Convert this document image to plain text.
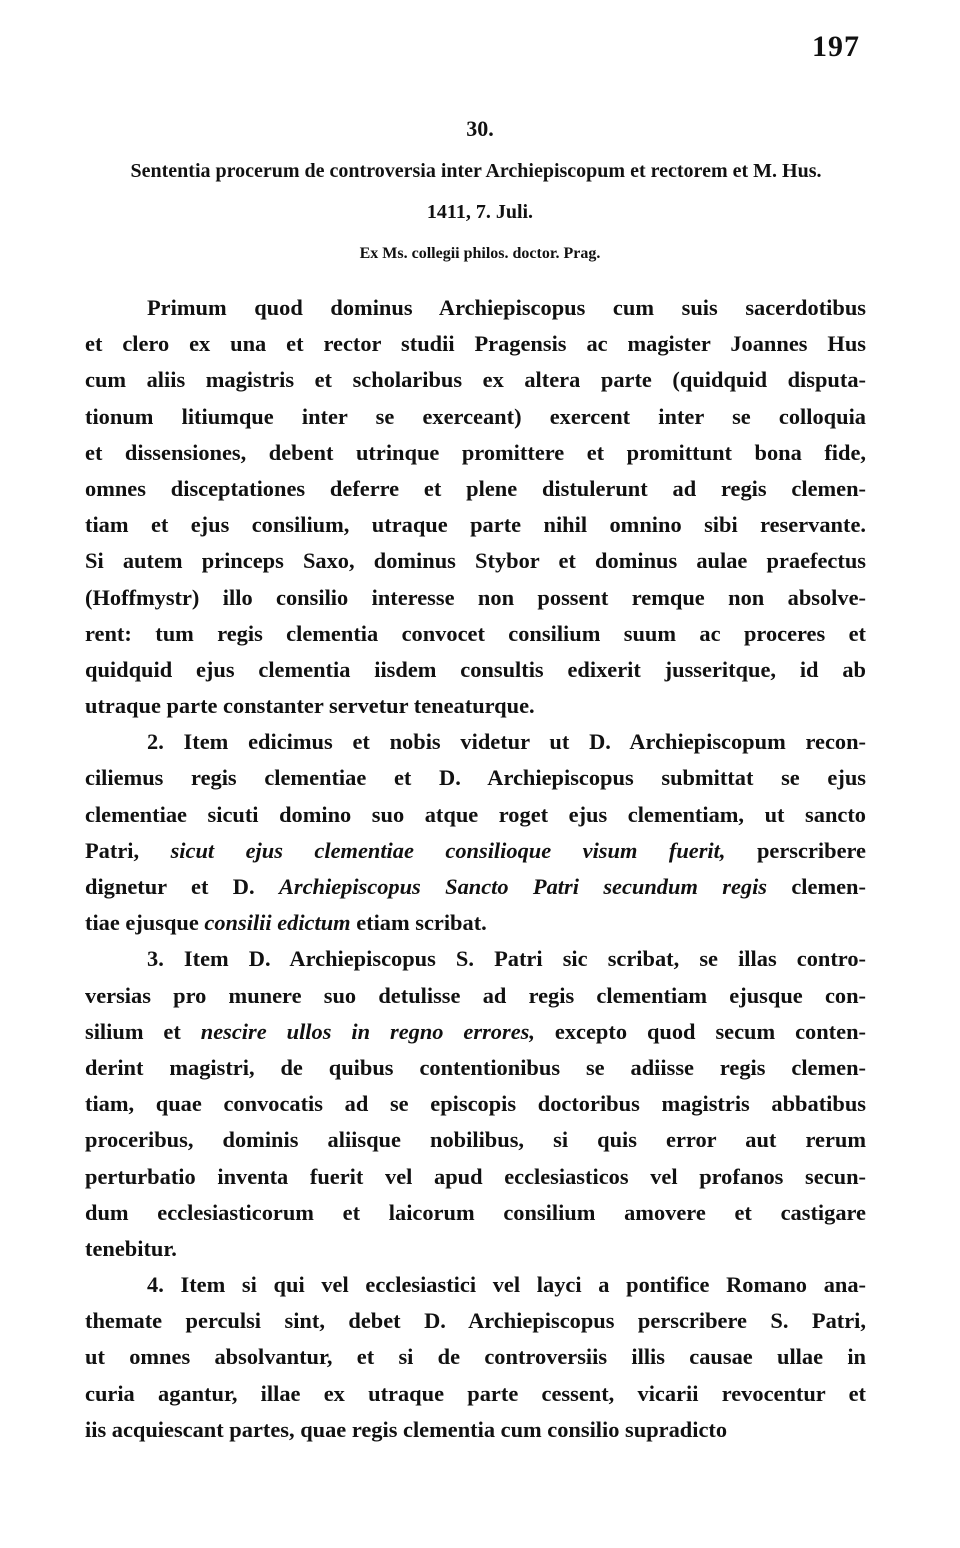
197
30.
Sententia procerum de controversia inter Archiepiscopum et rectorem et M. Hus.
1411, 7. Juli.
Ex Ms. collegii philos. doctor. Prag.
Primum quod dominus Archiepiscopus cum suis sacerdotibus
et clero ex una et rector studii Pragensis ac magister Joannes Hus
cum aliis magistris et scholaribus ex altera parte (quidquid disputa-
tionum litiumque inter se exerceant) exercent inter se colloquia
et dissensiones, debent utrinque promittere et promittunt bona fide,
omnes disceptationes deferre et plene distulerunt ad regis clemen-
tiam et ejus consilium, utraque parte nihil omnino sibi reservante.
Si autem princeps Saxo, dominus Stybor et dominus aulae praefectus
(Hoffmystr) illo consilio interesse non possent remque non absolve-
rent: tum regis clementia convocet consilium suum ac proceres et
quidquid ejus clementia iisdem consultis edixerit jusseritque, id ab
utraque parte constanter servetur teneaturque.
2. Item edicimus et nobis videtur ut D. Archiepiscopum recon-
ciliemus regis clementiae et D. Archiepiscopus submittat se ejus
clementiae sicuti domino suo atque roget ejus clementiam, ut sancto
Patri, sicut ejus clementiae consilioque visum fuerit, perscribere
dignetur et D. Archiepiscopus Sancto Patri secundum regis clemen-
tiae ejusque consilii edictum etiam scribat.
3. Item D. Archiepiscopus S. Patri sic scribat, se illas contro-
versias pro munere suo detulisse ad regis clementiam ejusque con-
silium et nescire ullos in regno errores, excepto quod secum conten-
derint magistri, de quibus contentionibus se adiisse regis clemen-
tiam, quae convocatis ad se episcopis doctoribus magistris abbatibus
proceribus, dominis aliisque nobilibus, si quis error aut rerum
perturbatio inventa fuerit vel apud ecclesiasticos vel profanos secun-
dum ecclesiasticorum et laicorum consilium amovere et castigare
tenebitur.
4. Item si qui vel ecclesiastici vel layci a pontifice Romano ana-
thematе perculsi sint, debet D. Archiepiscopus perscribere S. Patri,
ut omnes absolvantur, et si de controversiis illis causae ullae in
curia agantur, illae ex utraque parte cessent, vicarii revocentur et
iis acquiescant partes, quae regis clementia cum consilio supradicto
